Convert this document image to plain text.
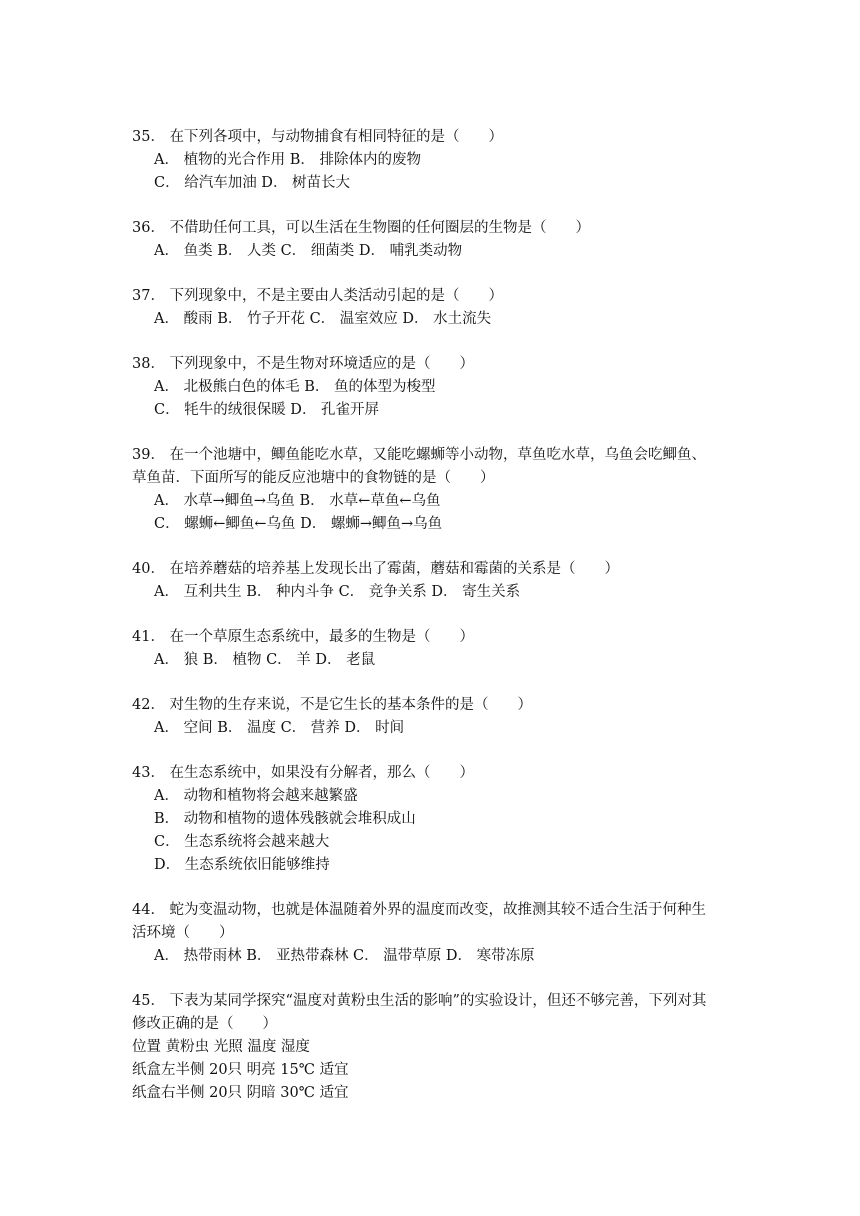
35． 在下列各项中，与动物捕食有相同特征的是（　　）
A． 植物的光合作用 B． 排除体内的废物
C． 给汽车加油 D． 树苗长大
36． 不借助任何工具，可以生活在生物圈的任何圈层的生物是（　　）
A． 鱼类 B． 人类 C． 细菌类 D． 哺乳类动物
37． 下列现象中，不是主要由人类活动引起的是（　　）
A． 酸雨 B． 竹子开花 C． 温室效应 D． 水土流失
38． 下列现象中，不是生物对环境适应的是（　　）
A． 北极熊白色的体毛 B． 鱼的体型为梭型
C． 牦牛的绒很保暖 D． 孔雀开屏
39． 在一个池塘中，鲫鱼能吃水草，又能吃螺蛳等小动物，草鱼吃水草，乌鱼会吃鲫鱼、
草鱼苗．下面所写的能反应池塘中的食物链的是（　　）
A． 水草→鲫鱼→乌鱼 B． 水草←草鱼←乌鱼
C． 螺蛳←鲫鱼←乌鱼 D． 螺蛳→鲫鱼→乌鱼
40． 在培养蘑菇的培养基上发现长出了霉菌，蘑菇和霉菌的关系是（　　）
A． 互利共生 B． 种内斗争 C． 竞争关系 D． 寄生关系
41． 在一个草原生态系统中，最多的生物是（　　）
A． 狼 B． 植物 C． 羊 D． 老鼠
42． 对生物的生存来说，不是它生长的基本条件的是（　　）
A． 空间 B． 温度 C． 营养 D． 时间
43． 在生态系统中，如果没有分解者，那么（　　）
A． 动物和植物将会越来越繁盛
B． 动物和植物的遗体残骸就会堆积成山
C． 生态系统将会越来越大
D． 生态系统依旧能够维持
44． 蛇为变温动物，也就是体温随着外界的温度而改变，故推测其较不适合生活于何种生
活环境（　　）
A． 热带雨林 B． 亚热带森林 C． 温带草原 D． 寒带冻原
45． 下表为某同学探究“温度对黄粉虫生活的影响”的实验设计，但还不够完善，下列对其
修改正确的是（　　）
位置 黄粉虫 光照 温度 湿度
纸盒左半侧 20只 明亮 15℃ 适宜
纸盒右半侧 20只 阴暗 30℃ 适宜
